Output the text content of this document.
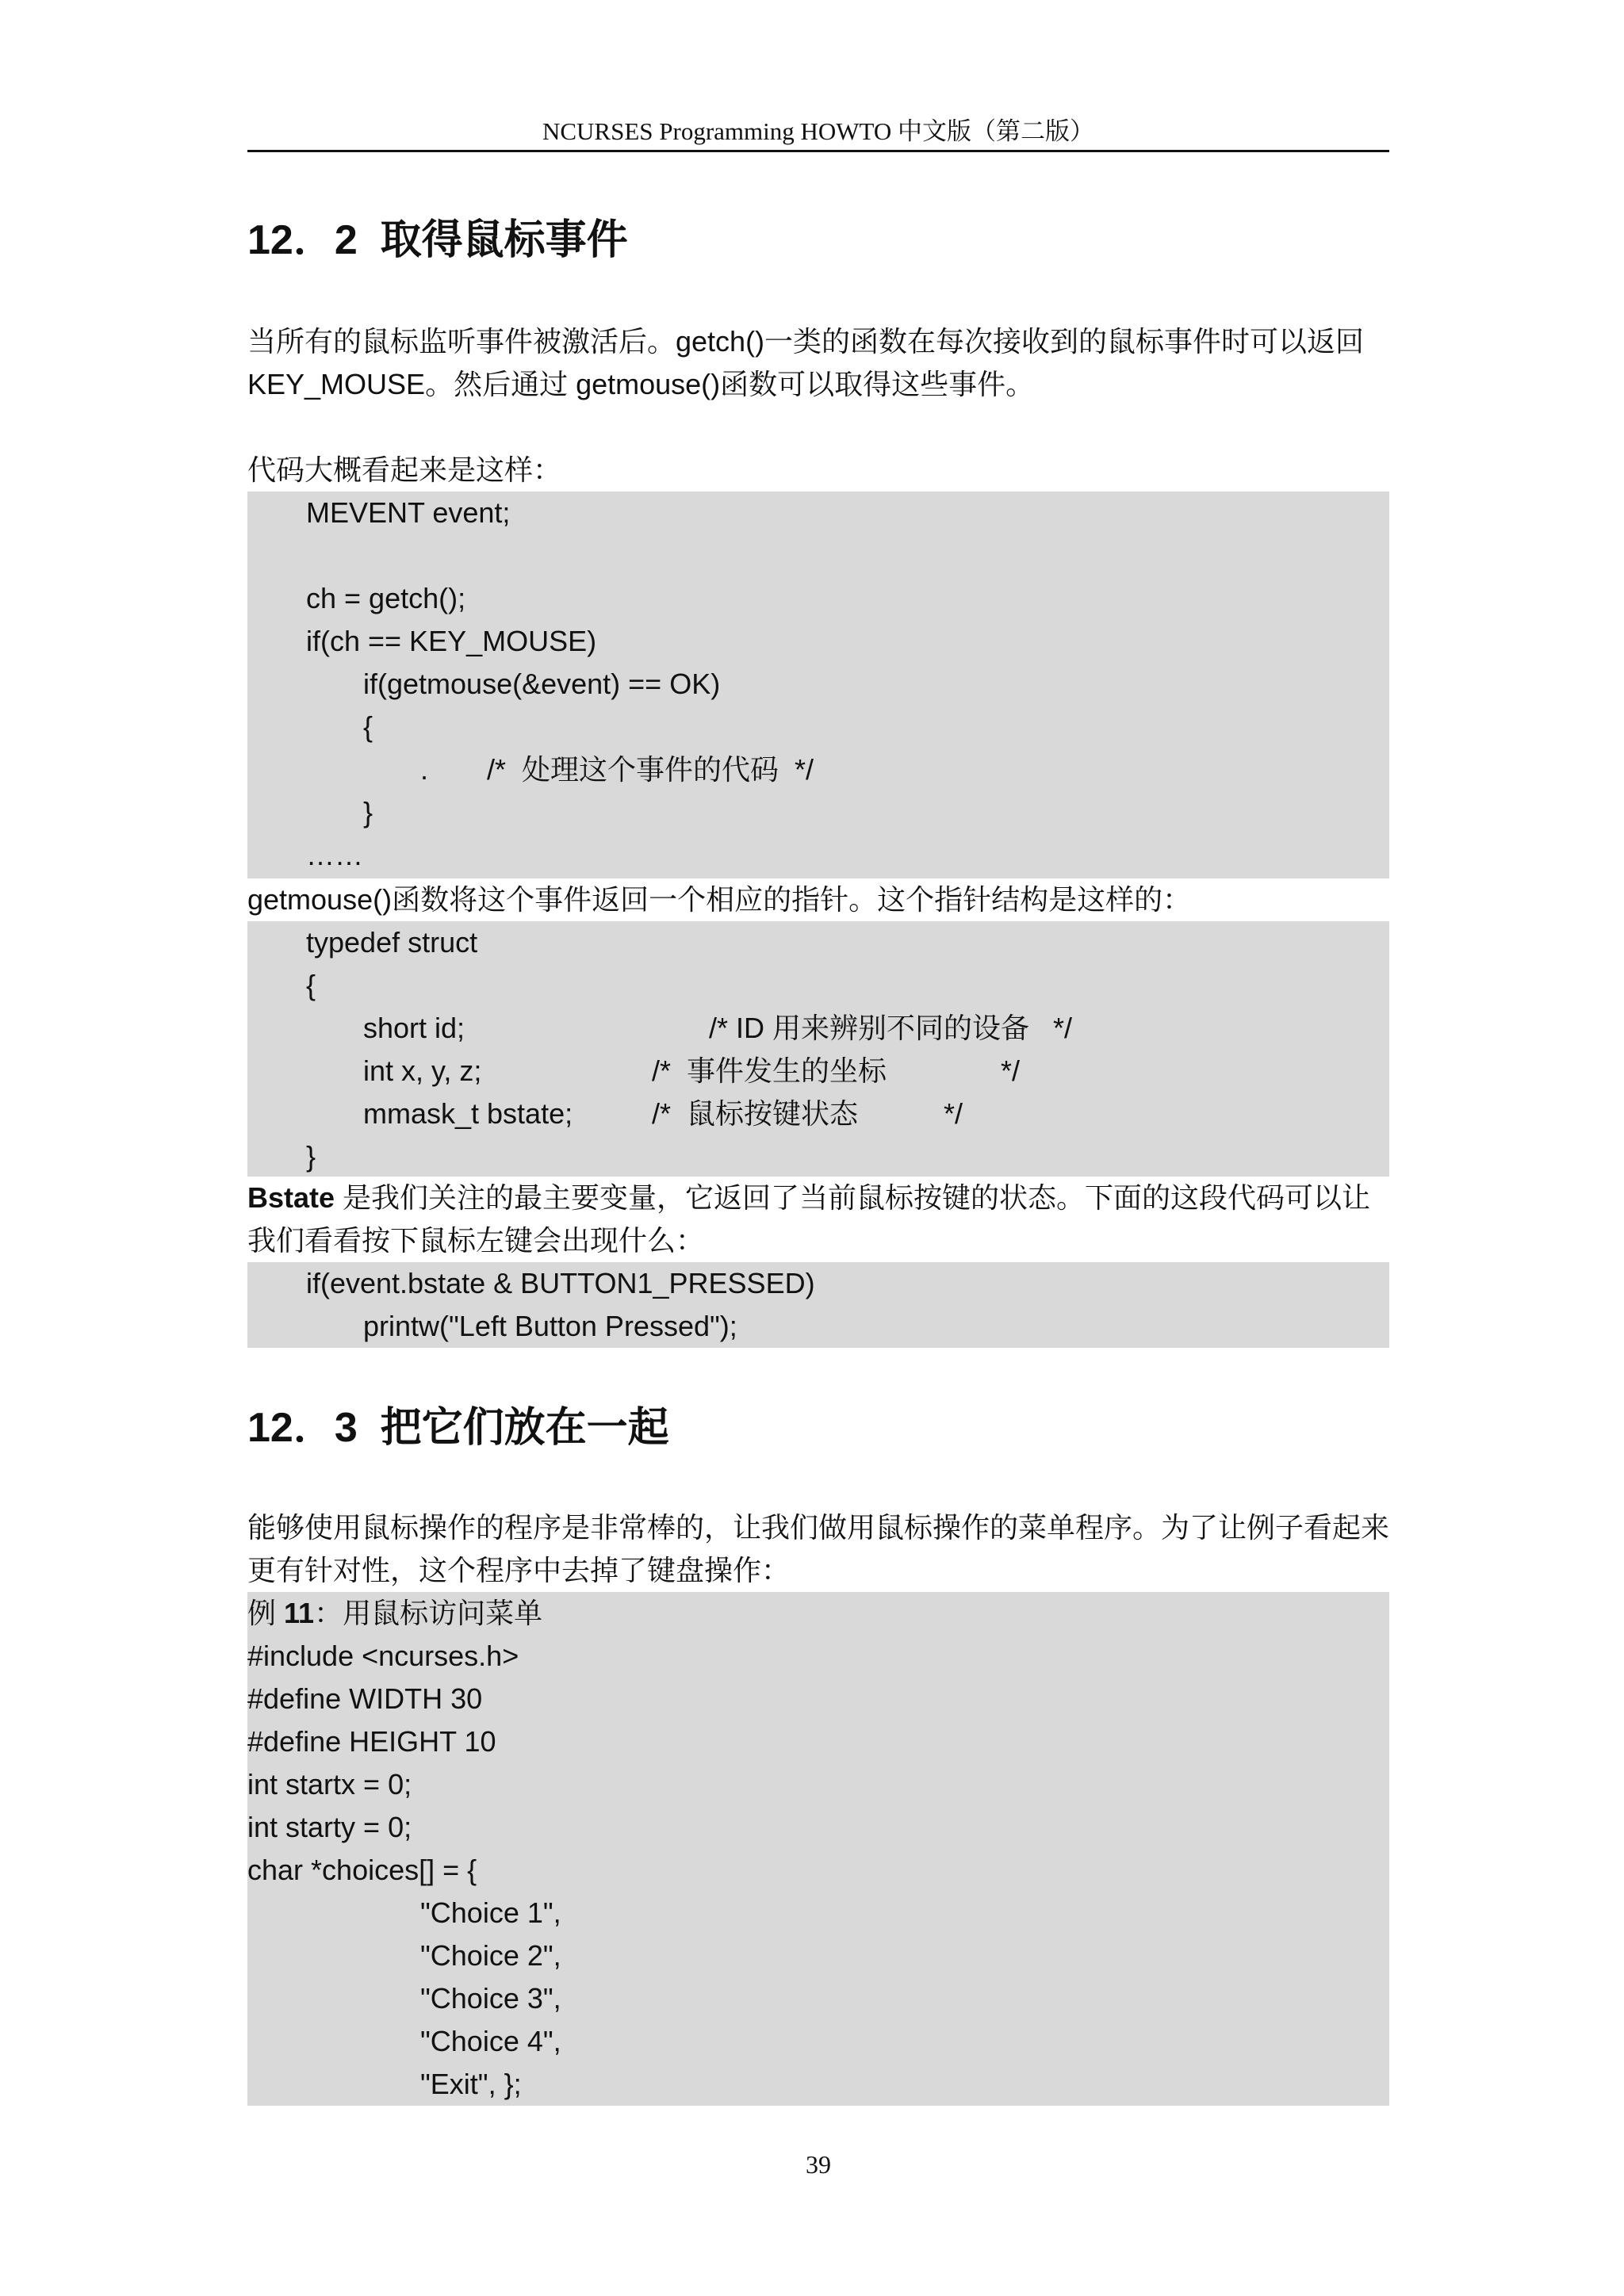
NCURSES Programming HOWTO 中文版（第二版）
12．2  取得鼠标事件
当所有的鼠标监听事件被激活后。getch()一类的函数在每次接收到的鼠标事件时可以返回
KEY_MOUSE。然后通过 getmouse()函数可以取得这些事件。
代码大概看起来是这样：
MEVENT event;
ch = getch();
if(ch == KEY_MOUSE)
if(getmouse(&event) == OK)
{
. /*  处理这个事件的代码  */
}
……
getmouse()函数将这个事件返回一个相应的指针。这个指针结构是这样的：
typedef struct
{
short id;	/* ID 用来辨别不同的设备   */
int x, y, z;	/*  事件发生的坐标	*/
mmask_t bstate;	/*  鼠标按键状态	*/
}
Bstate 是我们关注的最主要变量，它返回了当前鼠标按键的状态。下面的这段代码可以让
我们看看按下鼠标左键会出现什么：
if(event.bstate & BUTTON1_PRESSED)
printw("Left Button Pressed");
12．3  把它们放在一起
能够使用鼠标操作的程序是非常棒的，让我们做用鼠标操作的菜单程序。为了让例子看起来
更有针对性，这个程序中去掉了键盘操作：
例 11：用鼠标访问菜单
#include <ncurses.h>
#define WIDTH 30
#define HEIGHT 10
int startx = 0;
int starty = 0;
char *choices[] = {
"Choice 1",
"Choice 2",
"Choice 3",
"Choice 4",
"Exit", };
39
